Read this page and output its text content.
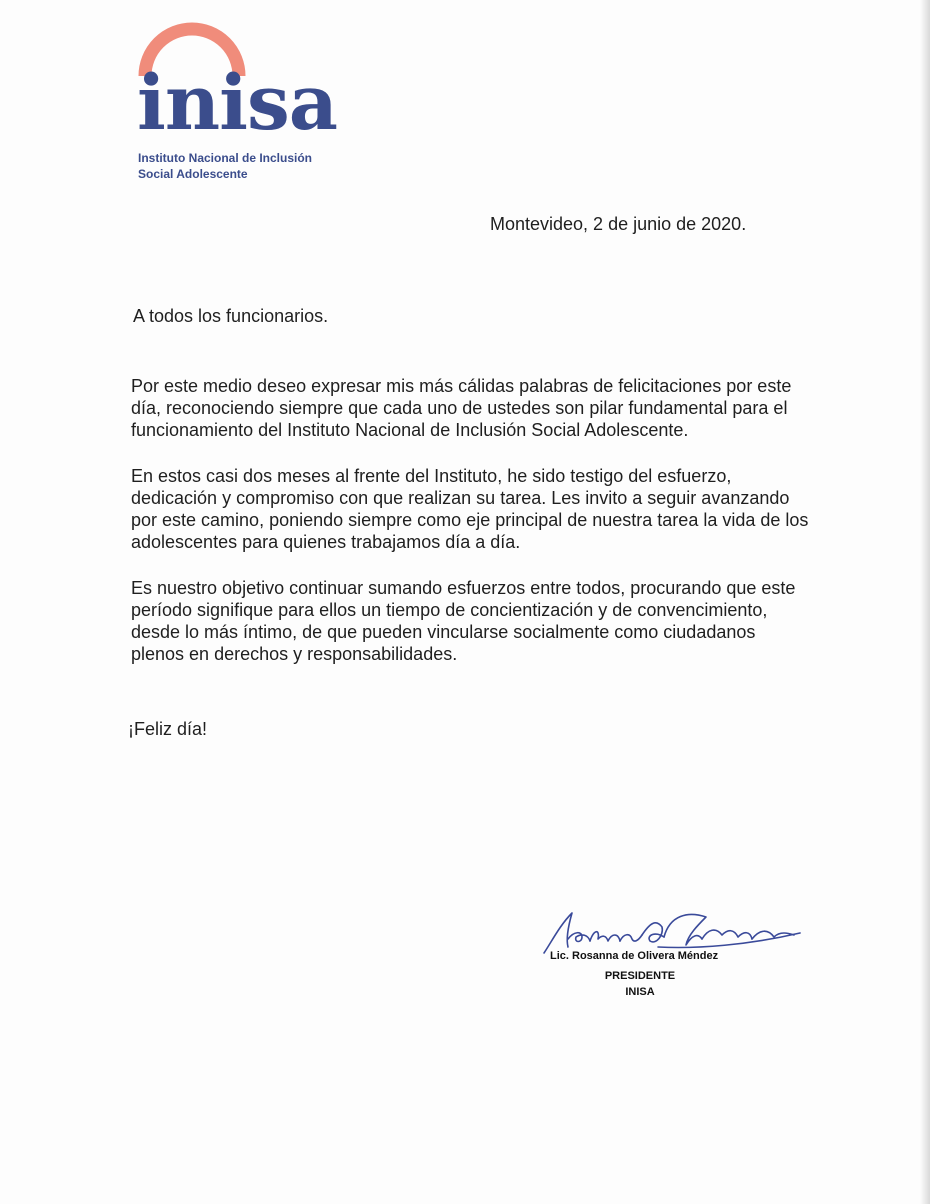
inisa
Instituto Nacional de Inclusión
Social Adolescente
Montevideo, 2 de junio de 2020.
A todos los funcionarios.

Por este medio deseo expresar mis más cálidas palabras de felicitaciones por este
día, reconociendo siempre que cada uno de ustedes son pilar fundamental para el
funcionamiento del Instituto Nacional de Inclusión Social Adolescente.

En estos casi dos meses al frente del Instituto, he sido testigo del esfuerzo,
dedicación y compromiso con que realizan su tarea. Les invito a seguir avanzando
por este camino, poniendo siempre como eje principal de nuestra tarea la vida de los
adolescentes para quienes trabajamos día a día.

Es nuestro objetivo continuar sumando esfuerzos entre todos, procurando que este
período signifique para ellos un tiempo de concientización y de convencimiento,
desde lo más íntimo, de que pueden vincularse socialmente como ciudadanos
plenos en derechos y responsabilidades.

¡Feliz día!
Lic. Rosanna de Olivera Méndez
PRESIDENTE
INISA
